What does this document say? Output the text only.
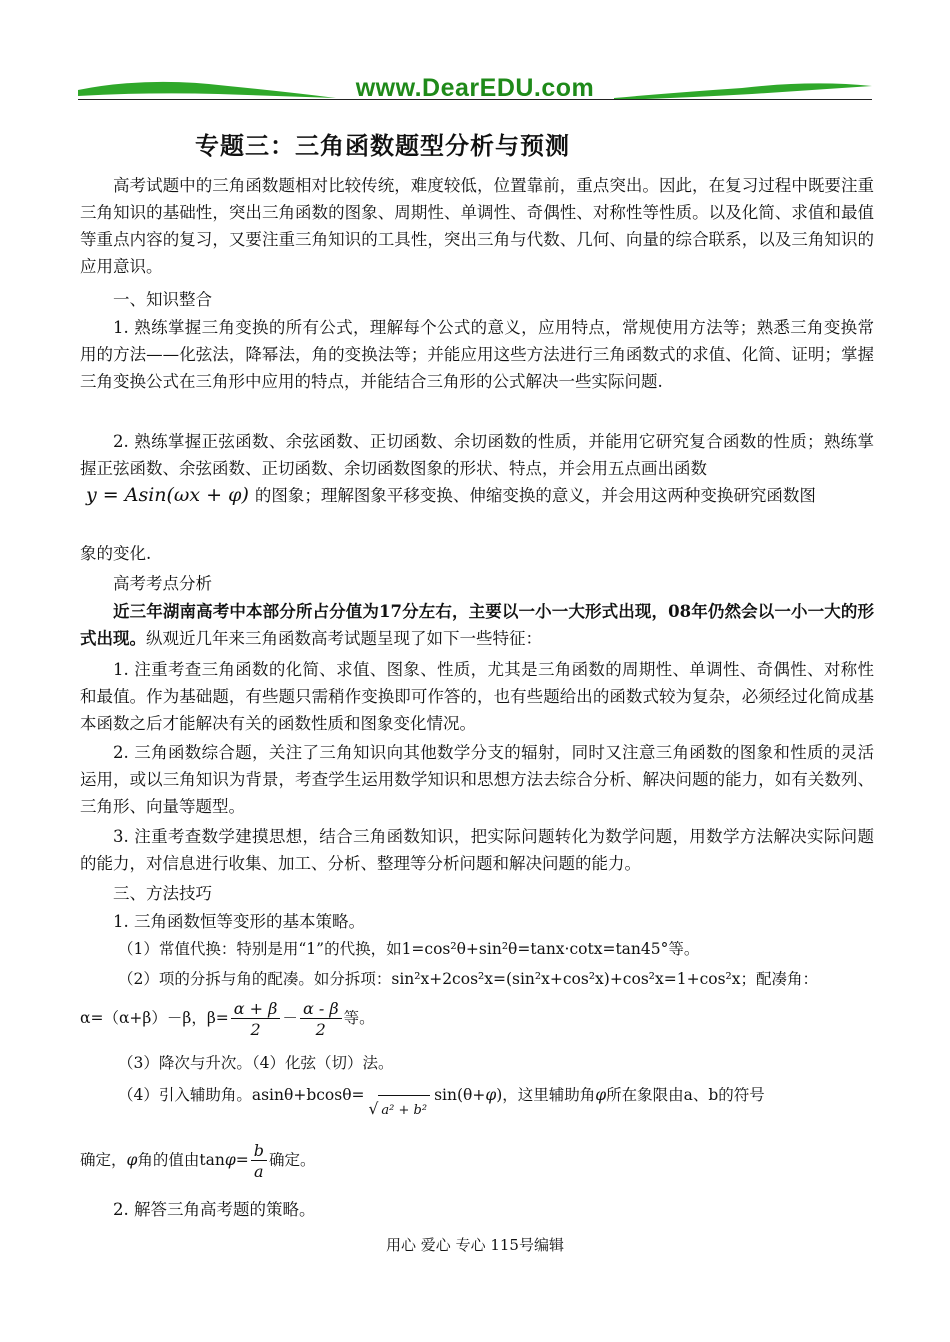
www.DearEDU.com
专题三：三角函数题型分析与预测

高考试题中的三角函数题相对比较传统，难度较低，位置靠前，重点突出。因此，在复习过程中既要注重三角知识的基础性，突出三角函数的图象、周期性、单调性、奇偶性、对称性等性质。以及化简、求值和最值等重点内容的复习，又要注重三角知识的工具性，突出三角与代数、几何、向量的综合联系，以及三角知识的应用意识。

一、知识整合

1. 熟练掌握三角变换的所有公式，理解每个公式的意义，应用特点，常规使用方法等；熟悉三角变换常用的方法——化弦法，降幂法，角的变换法等；并能应用这些方法进行三角函数式的求值、化简、证明；掌握三角变换公式在三角形中应用的特点，并能结合三角形的公式解决一些实际问题.

2. 熟练掌握正弦函数、余弦函数、正切函数、余切函数的性质，并能用它研究复合函数的性质；熟练掌握正弦函数、余弦函数、正切函数、余切函数图象的形状、特点，并会用五点画出函数
y = Asin(ωx + φ) 的图象；理解图象平移变换、伸缩变换的意义，并会用这两种变换研究函数图

象的变化.

高考考点分析

近三年湖南高考中本部分所占分值为17分左右，主要以一小一大形式出现，08年仍然会以一小一大的形式出现。纵观近几年来三角函数高考试题呈现了如下一些特征：

1. 注重考查三角函数的化简、求值、图象、性质，尤其是三角函数的周期性、单调性、奇偶性、对称性和最值。作为基础题，有些题只需稍作变换即可作答的，也有些题给出的函数式较为复杂，必须经过化简成基本函数之后才能解决有关的函数性质和图象变化情况。

2. 三角函数综合题，关注了三角知识向其他数学分支的辐射，同时又注意三角函数的图象和性质的灵活运用，或以三角知识为背景，考查学生运用数学知识和思想方法去综合分析、解决问题的能力，如有关数列、三角形、向量等题型。

3. 注重考查数学建摸思想，结合三角函数知识，把实际问题转化为数学问题，用数学方法解决实际问题的能力，对信息进行收集、加工、分析、整理等分析问题和解决问题的能力。

三、方法技巧

1. 三角函数恒等变形的基本策略。

（1）常值代换：特别是用“1”的代换，如1=cos²θ+sin²θ=tanx·cotx=tan45°等。

（2）项的分拆与角的配凑。如分拆项：sin²x+2cos²x=(sin²x+cos²x)+cos²x=1+cos²x；配凑角：

α=（α+β）－β，$\beta= \frac{\alpha + \beta}{2} - \frac{\alpha - \beta}{2}$ 等。

（3）降次与升次。（4）化弦（切）法。

（4）引入辅助角。asinθ+bcosθ=√ a² + b²sin(θ+φ)，这里辅助角φ所在象限由a、b的符号
确定，φ角的值由$\tan\varphi= \frac{b}{a}$ 确定。

2. 解答三角高考题的策略。

用心 爱心 专心 115号编辑
